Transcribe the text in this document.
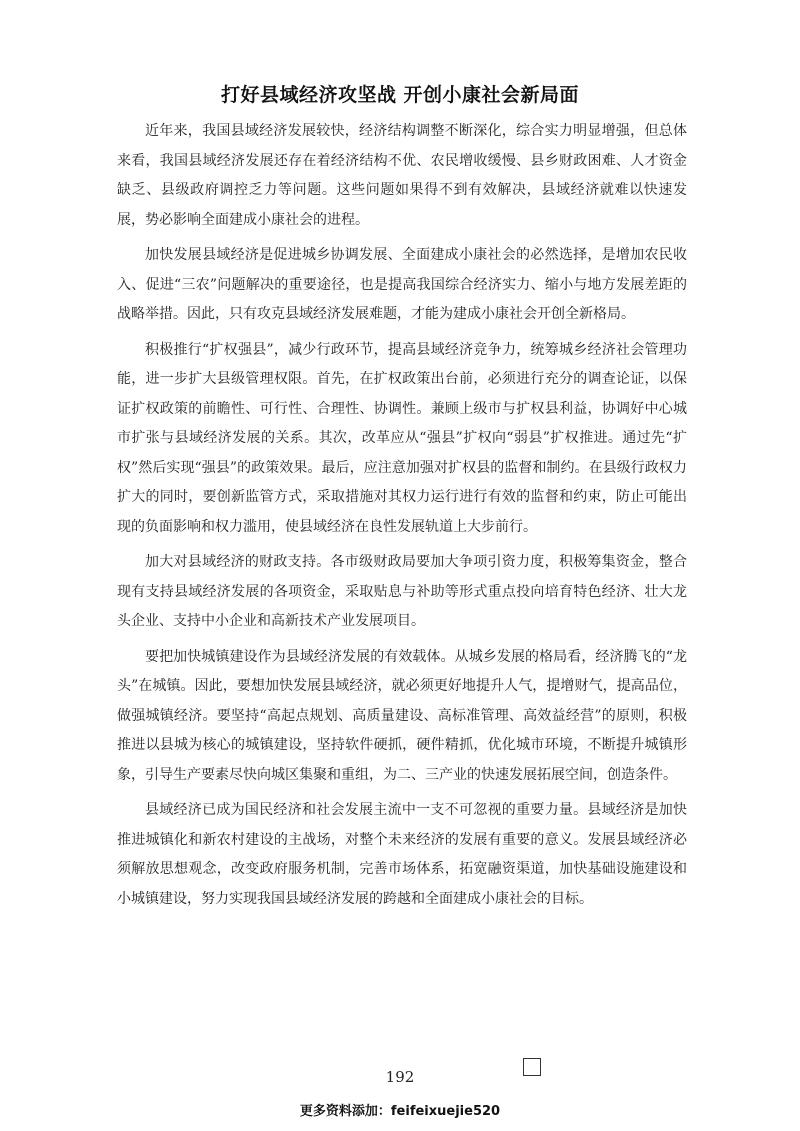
打好县域经济攻坚战 开创小康社会新局面

近年来，我国县域经济发展较快，经济结构调整不断深化，综合实力明显增强，但总体来看，我国县域经济发展还存在着经济结构不优、农民增收缓慢、县乡财政困难、人才资金缺乏、县级政府调控乏力等问题。这些问题如果得不到有效解决，县域经济就难以快速发展，势必影响全面建成小康社会的进程。

加快发展县域经济是促进城乡协调发展、全面建成小康社会的必然选择，是增加农民收入、促进“三农”问题解决的重要途径，也是提高我国综合经济实力、缩小与地方发展差距的战略举措。因此，只有攻克县域经济发展难题，才能为建成小康社会开创全新格局。

积极推行“扩权强县”，减少行政环节，提高县域经济竞争力，统筹城乡经济社会管理功能，进一步扩大县级管理权限。首先，在扩权政策出台前，必须进行充分的调查论证，以保证扩权政策的前瞻性、可行性、合理性、协调性。兼顾上级市与扩权县利益，协调好中心城市扩张与县域经济发展的关系。其次，改革应从“强县”扩权向“弱县”扩权推进。通过先“扩权”然后实现“强县”的政策效果。最后，应注意加强对扩权县的监督和制约。在县级行政权力扩大的同时，要创新监管方式，采取措施对其权力运行进行有效的监督和约束，防止可能出现的负面影响和权力滥用，使县域经济在良性发展轨道上大步前行。

加大对县域经济的财政支持。各市级财政局要加大争项引资力度，积极筹集资金，整合现有支持县域经济发展的各项资金，采取贴息与补助等形式重点投向培育特色经济、壮大龙头企业、支持中小企业和高新技术产业发展项目。

要把加快城镇建设作为县域经济发展的有效载体。从城乡发展的格局看，经济腾飞的“龙头”在城镇。因此，要想加快发展县域经济，就必须更好地提升人气，提增财气，提高品位，做强城镇经济。要坚持“高起点规划、高质量建设、高标准管理、高效益经营”的原则，积极推进以县城为核心的城镇建设，坚持软件硬抓，硬件精抓，优化城市环境，不断提升城镇形象，引导生产要素尽快向城区集聚和重组，为二、三产业的快速发展拓展空间，创造条件。

县域经济已成为国民经济和社会发展主流中一支不可忽视的重要力量。县域经济是加快推进城镇化和新农村建设的主战场，对整个未来经济的发展有重要的意义。发展县域经济必须解放思想观念，改变政府服务机制，完善市场体系，拓宽融资渠道，加快基础设施建设和小城镇建设，努力实现我国县域经济发展的跨越和全面建成小康社会的目标。

192
更多资料添加：feifeixuejie520
